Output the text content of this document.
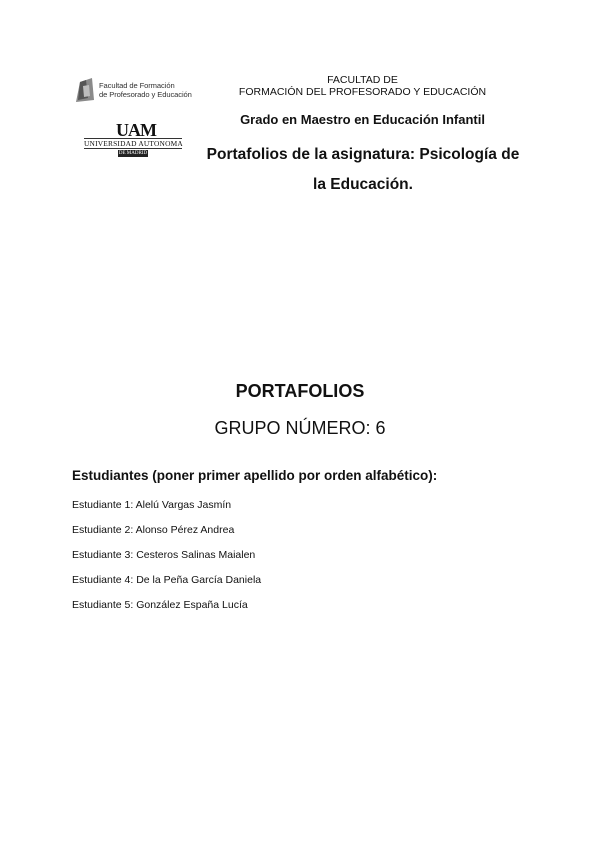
Facultad de Formación
de Profesorado y Educación
UAM
UNIVERSIDAD AUTONOMA
DE MADRID
FACULTAD DE
FORMACIÓN DEL PROFESORADO Y EDUCACIÓN
Grado en Maestro en Educación Infantil
Portafolios de la asignatura: Psicología de
la Educación.
PORTAFOLIOS
GRUPO NÚMERO: 6
Estudiantes (poner primer apellido por orden alfabético):
Estudiante 1: Alelú Vargas Jasmín
Estudiante 2: Alonso Pérez Andrea
Estudiante 3: Cesteros Salinas Maialen
Estudiante 4: De la Peña García Daniela
Estudiante 5: González España Lucía
